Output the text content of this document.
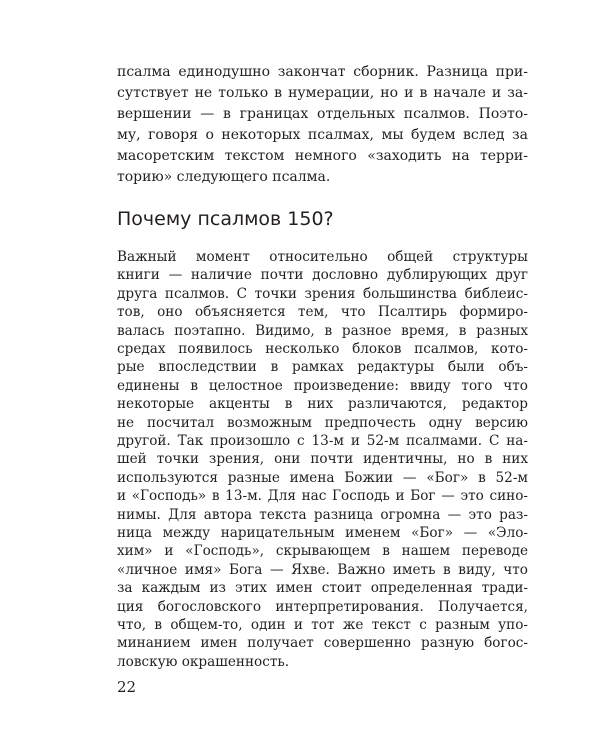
псалма единодушно закончат сборник. Разница при-
сутствует не только в нумерации, но и в начале и за-
вершении — в границах отдельных псалмов. Поэто-
му, говоря о некоторых псалмах, мы будем вслед за
масоретским текстом немного «заходить на терри-
торию» следующего псалма.
Почему псалмов 150?
Важный момент относительно общей структуры
книги — наличие почти дословно дублирующих друг
друга псалмов. С точки зрения большинства библеис-
тов, оно объясняется тем, что Псалтирь формиро-
валась поэтапно. Видимо, в разное время, в разных
средах появилось несколько блоков псалмов, кото-
рые впоследствии в рамках редактуры были объ-
единены в целостное произведение: ввиду того что
некоторые акценты в них различаются, редактор
не посчитал возможным предпочесть одну версию
другой. Так произошло с 13-м и 52-м псалмами. С на-
шей точки зрения, они почти идентичны, но в них
используются разные имена Божии — «Бог» в 52-м
и «Господь» в 13-м. Для нас Господь и Бог — это сино-
нимы. Для автора текста разница огромна — это раз-
ница между нарицательным именем «Бог» — «Эло-
хим» и «Господь», скрывающем в нашем переводе
«личное имя» Бога — Яхве. Важно иметь в виду, что
за каждым из этих имен стоит определенная тради-
ция богословского интерпретирования. Получается,
что, в общем-то, один и тот же текст с разным упо-
минанием имен получает совершенно разную богос-
ловскую окрашенность.
22
